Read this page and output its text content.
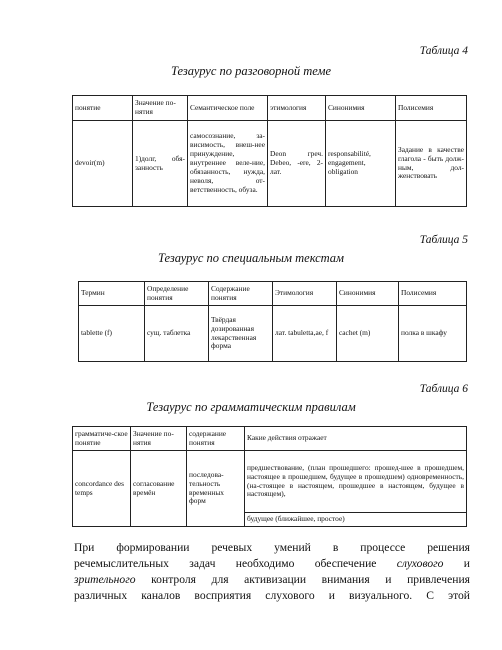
Таблица 4
Тезаурус по разговорной теме
понятие	Значение по-нятия	Семантическое поле	этимология	Синонимия	Полисемия
devoir(m)	1)долг, обя-занность	самосознание, за-висимость, внеш-нее принуждение, внутреннее веле-ние, обязанность, нужда, неволя, от-ветственность, обуза.	Deon греч. Debeo, -ere, 2-лат.	responsabilité, engagement, obligation	Задание в качестве глагола - быть долж-ным, дол-женствовать
Таблица 5
Тезаурус по специальным текстам
Термин	Определение понятия	Содержание понятия	Этимология	Синонимия	Полисемия
tablette (f)	сущ. таблетка	Твёрдая дозированная лекарственная форма	лат. tabuletta,ae, f	cachet (m)	полка в шкафу
Таблица 6
Тезаурус по грамматическим правилам
грамматиче-ское понятие	Значение по-нятия	содержание понятия	Какие действия отражает
concordance des temps	согласование времён	последова-тельность временных форм	предшествование, (план прошедшего: прошед-шее в прошедшем, настоящее в прошедшем, будущее в прошедшем) одновременность, (на-стоящее в настоящем, прошедшее в настоящем, будущее в настоящем),
			будущее (ближайшее, простое)
При формировании речевых умений в процессе решения
речемыслительных задач необходимо обеспечение слухового и
зрительного контроля для активизации внимания и привлечения
различных каналов восприятия слухового и визуального. С этой
